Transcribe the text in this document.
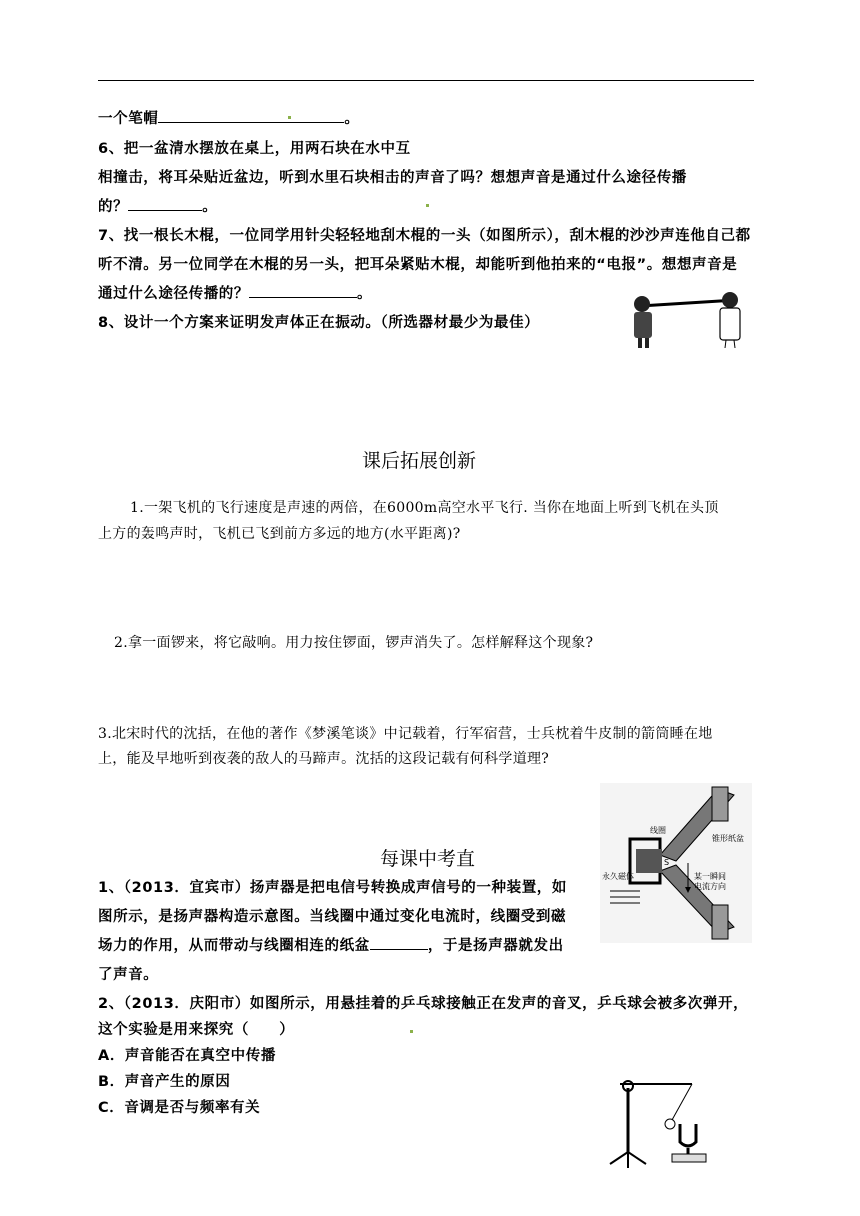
一个笔帽	。
6、把一盆清水摆放在桌上，用两石块在水中互
相撞击，将耳朵贴近盆边，听到水里石块相击的声音了吗？想想声音是通过什么途径传播
的？	。
7、找一根长木棍，一位同学用针尖轻轻地刮木棍的一头（如图所示），刮木棍的沙沙声连他自己都
听不清。另一位同学在木棍的另一头，把耳朵紧贴木棍，却能听到他拍来的“电报”。想想声音是
通过什么途径传播的？	。
8、设计一个方案来证明发声体正在振动。（所选器材最少为最佳）
课后拓展创新
1.一架飞机的飞行速度是声速的两倍，在6000m高空水平飞行. 当你在地面上听到飞机在头顶
上方的轰鸣声时，飞机已飞到前方多远的地方(水平距离)?
2.拿一面锣来，将它敲响。用力按住锣面，锣声消失了。怎样解释这个现象?
3.北宋时代的沈括，在他的著作《梦溪笔谈》中记载着，行军宿营，士兵枕着牛皮制的箭筒睡在地
上，能及早地听到夜袭的敌人的马蹄声。沈括的这段记载有何科学道理?
线圈
锥形纸盆
永久磁体
S
某一瞬间
电流方向
每课中考直
1、（2013．宜宾市）扬声器是把电信号转换成声信号的一种装置，如
图所示，是扬声器构造示意图。当线圈中通过变化电流时，线圈受到磁
场力的作用，从而带动与线圈相连的纸盆	，于是扬声器就发出
了声音。
2、（2013．庆阳市）如图所示，用悬挂着的乒乓球接触正在发声的音叉，乒乓球会被多次弹开，
这个实验是用来探究（　　）
A．声音能否在真空中传播
B．声音产生的原因
C．音调是否与频率有关
